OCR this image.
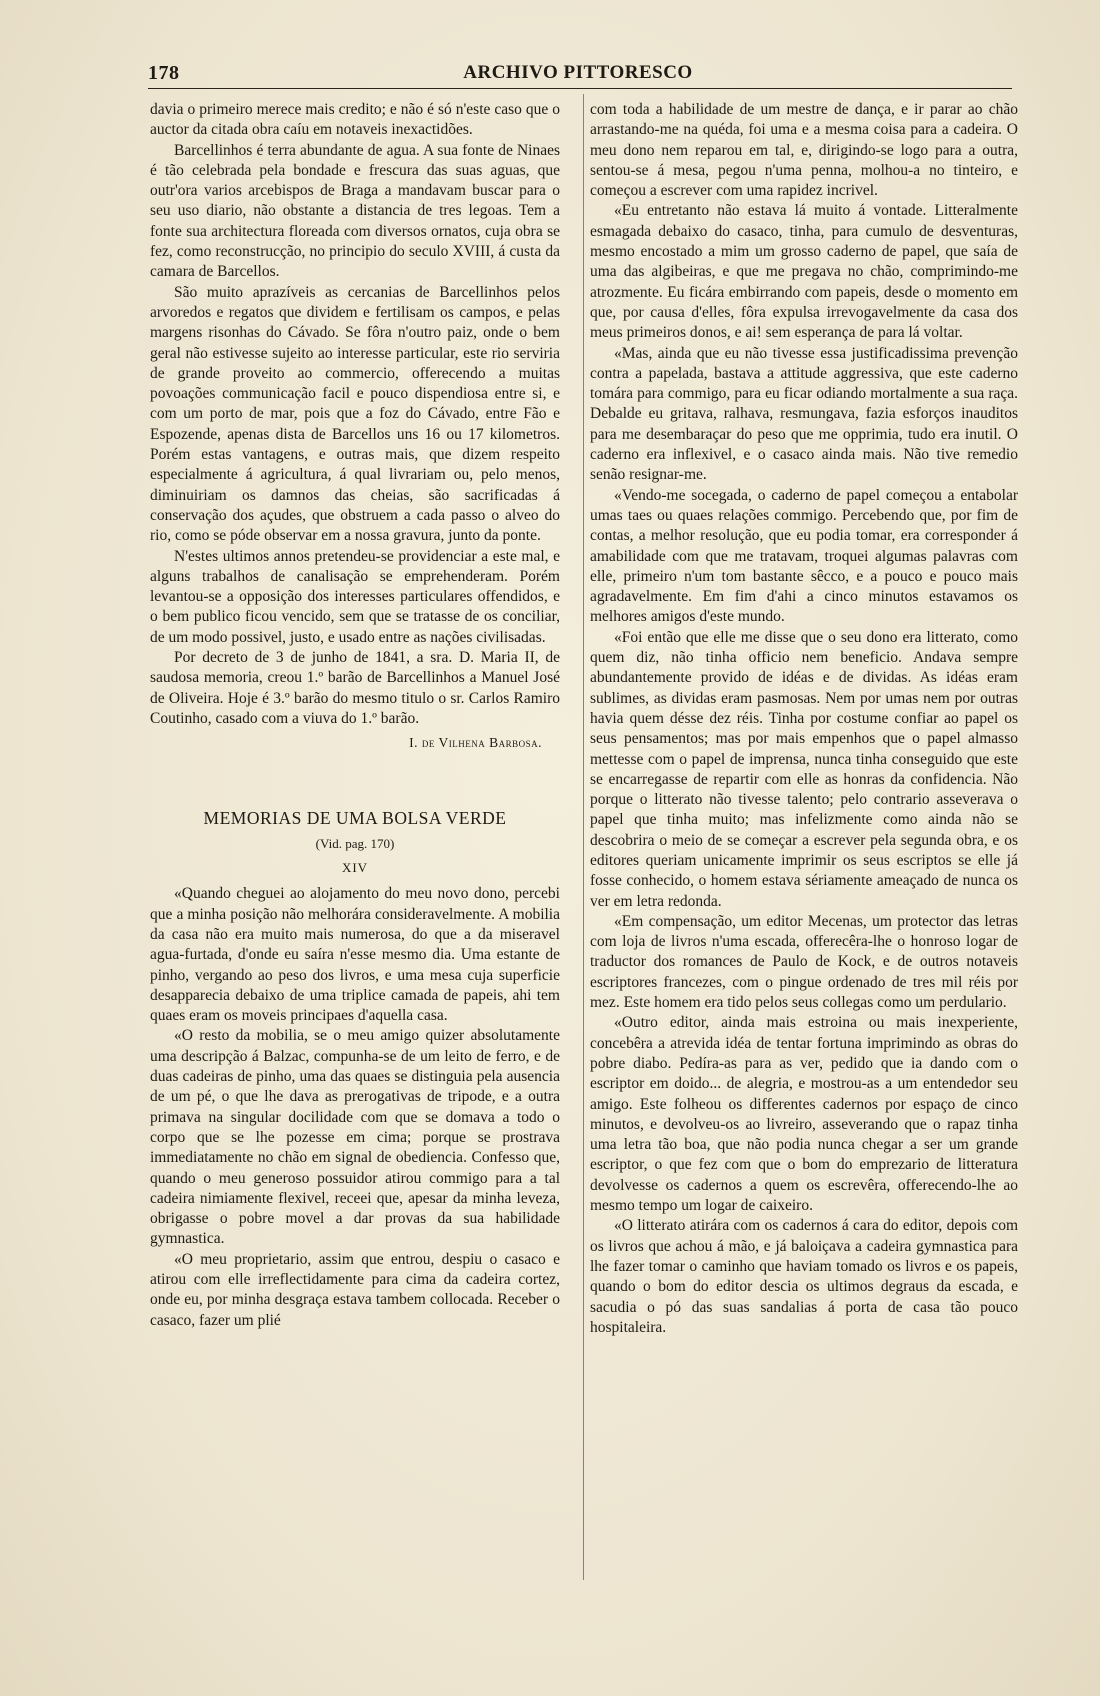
178	ARCHIVO PITTORESCO

davia o primeiro merece mais credito; e não é só n'este caso que o auctor da citada obra caíu em notaveis inexactidões.

Barcellinhos é terra abundante de agua. A sua fonte de Ninaes é tão celebrada pela bondade e frescura das suas aguas, que outr'ora varios arcebispos de Braga a mandavam buscar para o seu uso diario, não obstante a distancia de tres legoas. Tem a fonte sua architectura floreada com diversos ornatos, cuja obra se fez, como reconstrucção, no principio do seculo XVIII, á custa da camara de Barcellos.

São muito aprazíveis as cercanias de Barcellinhos pelos arvoredos e regatos que dividem e fertilisam os campos, e pelas margens risonhas do Cávado. Se fôra n'outro paiz, onde o bem geral não estivesse sujeito ao interesse particular, este rio serviria de grande proveito ao commercio, offerecendo a muitas povoações communicação facil e pouco dispendiosa entre si, e com um porto de mar, pois que a foz do Cávado, entre Fão e Espozende, apenas dista de Barcellos uns 16 ou 17 kilometros. Porém estas vantagens, e outras mais, que dizem respeito especialmente á agricultura, á qual livrariam ou, pelo menos, diminuiriam os damnos das cheias, são sacrificadas á conservação dos açudes, que obstruem a cada passo o alveo do rio, como se póde observar em a nossa gravura, junto da ponte.

N'estes ultimos annos pretendeu-se providenciar a este mal, e alguns trabalhos de canalisação se emprehenderam. Porém levantou-se a opposição dos interesses particulares offendidos, e o bem publico ficou vencido, sem que se tratasse de os conciliar, de um modo possivel, justo, e usado entre as nações civilisadas.

Por decreto de 3 de junho de 1841, a sra. D. Maria II, de saudosa memoria, creou 1.º barão de Barcellinhos a Manuel José de Oliveira. Hoje é 3.º barão do mesmo titulo o sr. Carlos Ramiro Coutinho, casado com a viuva do 1.º barão.

I. de Vilhena Barbosa.

MEMORIAS DE UMA BOLSA VERDE

(Vid. pag. 170)

XIV

«Quando cheguei ao alojamento do meu novo dono, percebi que a minha posição não melhorára consideravelmente. A mobilia da casa não era muito mais numerosa, do que a da miseravel agua-furtada, d'onde eu saíra n'esse mesmo dia. Uma estante de pinho, vergando ao peso dos livros, e uma mesa cuja superficie desapparecia debaixo de uma triplice camada de papeis, ahi tem quaes eram os moveis principaes d'aquella casa.

«O resto da mobilia, se o meu amigo quizer absolutamente uma descripção á Balzac, compunha-se de um leito de ferro, e de duas cadeiras de pinho, uma das quaes se distinguia pela ausencia de um pé, o que lhe dava as prerogativas de tripode, e a outra primava na singular docilidade com que se domava a todo o corpo que se lhe pozesse em cima; porque se prostrava immediatamente no chão em signal de obediencia. Confesso que, quando o meu generoso possuidor atirou commigo para a tal cadeira nimiamente flexivel, receei que, apesar da minha leveza, obrigasse o pobre movel a dar provas da sua habilidade gymnastica.

«O meu proprietario, assim que entrou, despiu o casaco e atirou com elle irreflectidamente para cima da cadeira cortez, onde eu, por minha desgraça estava tambem collocada. Receber o casaco, fazer um plié

com toda a habilidade de um mestre de dança, e ir parar ao chão arrastando-me na quéda, foi uma e a mesma coisa para a cadeira. O meu dono nem reparou em tal, e, dirigindo-se logo para a outra, sentou-se á mesa, pegou n'uma penna, molhou-a no tinteiro, e começou a escrever com uma rapidez incrivel.

«Eu entretanto não estava lá muito á vontade. Litteralmente esmagada debaixo do casaco, tinha, para cumulo de desventuras, mesmo encostado a mim um grosso caderno de papel, que saía de uma das algibeiras, e que me pregava no chão, comprimindo-me atrozmente. Eu ficára embirrando com papeis, desde o momento em que, por causa d'elles, fôra expulsa irrevogavelmente da casa dos meus primeiros donos, e ai! sem esperança de para lá voltar.

«Mas, ainda que eu não tivesse essa justificadissima prevenção contra a papelada, bastava a attitude aggressiva, que este caderno tomára para commigo, para eu ficar odiando mortalmente a sua raça. Debalde eu gritava, ralhava, resmungava, fazia esforços inauditos para me desembaraçar do peso que me opprimia, tudo era inutil. O caderno era inflexivel, e o casaco ainda mais. Não tive remedio senão resignar-me.

«Vendo-me socegada, o caderno de papel começou a entabolar umas taes ou quaes relações commigo. Percebendo que, por fim de contas, a melhor resolução, que eu podia tomar, era corresponder á amabilidade com que me tratavam, troquei algumas palavras com elle, primeiro n'um tom bastante sêcco, e a pouco e pouco mais agradavelmente. Em fim d'ahi a cinco minutos estavamos os melhores amigos d'este mundo.

«Foi então que elle me disse que o seu dono era litterato, como quem diz, não tinha officio nem beneficio. Andava sempre abundantemente provido de idéas e de dividas. As idéas eram sublimes, as dividas eram pasmosas. Nem por umas nem por outras havia quem désse dez réis. Tinha por costume confiar ao papel os seus pensamentos; mas por mais empenhos que o papel almasso mettesse com o papel de imprensa, nunca tinha conseguido que este se encarregasse de repartir com elle as honras da confidencia. Não porque o litterato não tivesse talento; pelo contrario asseverava o papel que tinha muito; mas infelizmente como ainda não se descobrira o meio de se começar a escrever pela segunda obra, e os editores queriam unicamente imprimir os seus escriptos se elle já fosse conhecido, o homem estava sériamente ameaçado de nunca os ver em letra redonda.

«Em compensação, um editor Mecenas, um protector das letras com loja de livros n'uma escada, offerecêra-lhe o honroso logar de traductor dos romances de Paulo de Kock, e de outros notaveis escriptores francezes, com o pingue ordenado de tres mil réis por mez. Este homem era tido pelos seus collegas como um perdulario.

«Outro editor, ainda mais estroina ou mais inexperiente, concebêra a atrevida idéa de tentar fortuna imprimindo as obras do pobre diabo. Pedíra-as para as ver, pedido que ia dando com o escriptor em doido... de alegria, e mostrou-as a um entendedor seu amigo. Este folheou os differentes cadernos por espaço de cinco minutos, e devolveu-os ao livreiro, asseverando que o rapaz tinha uma letra tão boa, que não podia nunca chegar a ser um grande escriptor, o que fez com que o bom do emprezario de litteratura devolvesse os cadernos a quem os escrevêra, offerecendo-lhe ao mesmo tempo um logar de caixeiro.

«O litterato atirára com os cadernos á cara do editor, depois com os livros que achou á mão, e já baloiçava a cadeira gymnastica para lhe fazer tomar o caminho que haviam tomado os livros e os papeis, quando o bom do editor descia os ultimos degraus da escada, e sacudia o pó das suas sandalias á porta de casa tão pouco hospitaleira.
